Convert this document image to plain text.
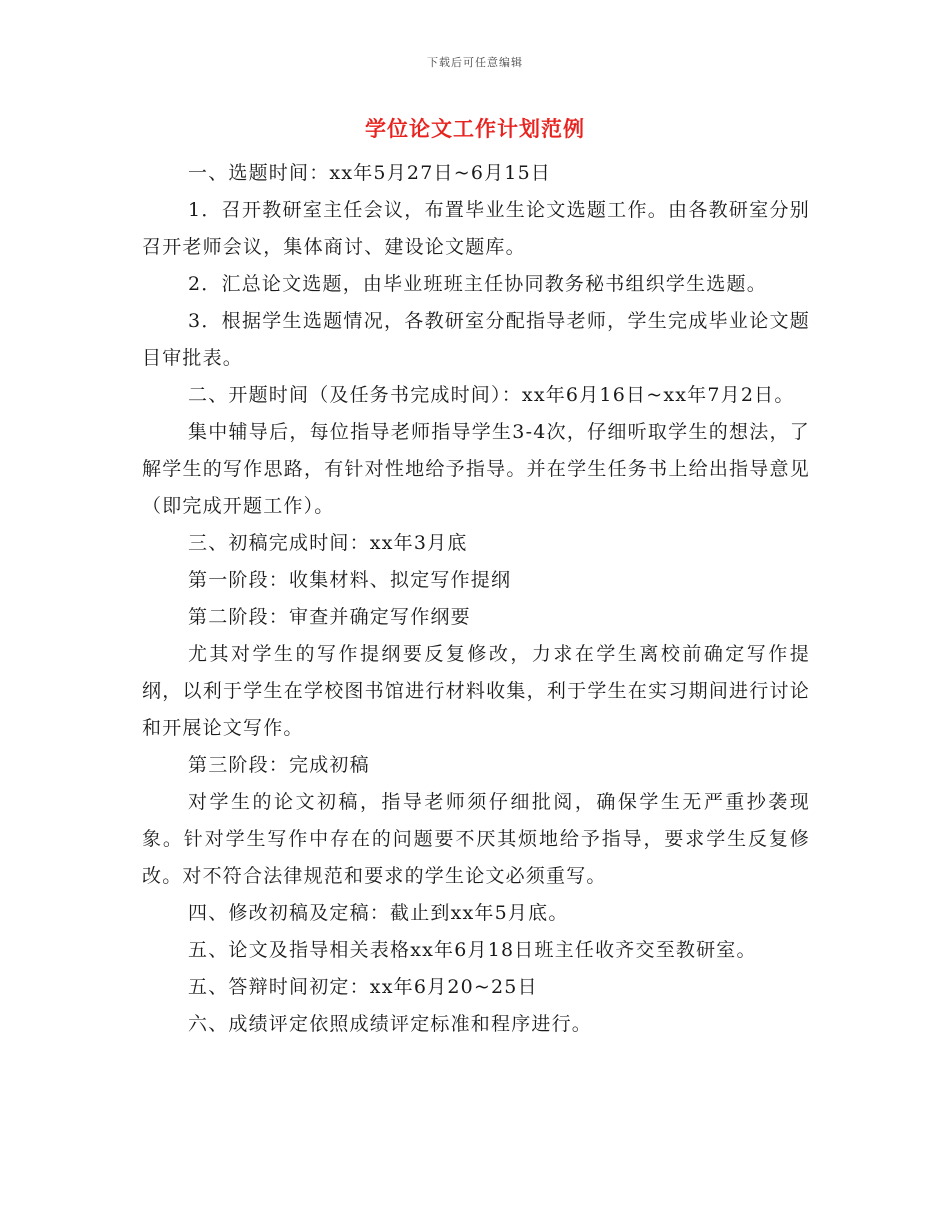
下载后可任意编辑
学位论文工作计划范例

一、选题时间：xx年5月27日~6月15日

1．召开教研室主任会议，布置毕业生论文选题工作。由各教研室分别召开老师会议，集体商讨、建设论文题库。

2．汇总论文选题，由毕业班班主任协同教务秘书组织学生选题。

3．根据学生选题情况，各教研室分配指导老师，学生完成毕业论文题目审批表。

二、开题时间（及任务书完成时间）：xx年6月16日~xx年7月2日。

集中辅导后，每位指导老师指导学生3-4次，仔细听取学生的想法，了解学生的写作思路，有针对性地给予指导。并在学生任务书上给出指导意见（即完成开题工作）。

三、初稿完成时间：xx年3月底

第一阶段：收集材料、拟定写作提纲

第二阶段：审查并确定写作纲要

尤其对学生的写作提纲要反复修改，力求在学生离校前确定写作提纲，以利于学生在学校图书馆进行材料收集，利于学生在实习期间进行讨论和开展论文写作。

第三阶段：完成初稿

对学生的论文初稿，指导老师须仔细批阅，确保学生无严重抄袭现象。针对学生写作中存在的问题要不厌其烦地给予指导，要求学生反复修改。对不符合法律规范和要求的学生论文必须重写。

四、修改初稿及定稿：截止到xx年5月底。

五、论文及指导相关表格xx年6月18日班主任收齐交至教研室。

五、答辩时间初定：xx年6月20~25日

六、成绩评定依照成绩评定标准和程序进行。
